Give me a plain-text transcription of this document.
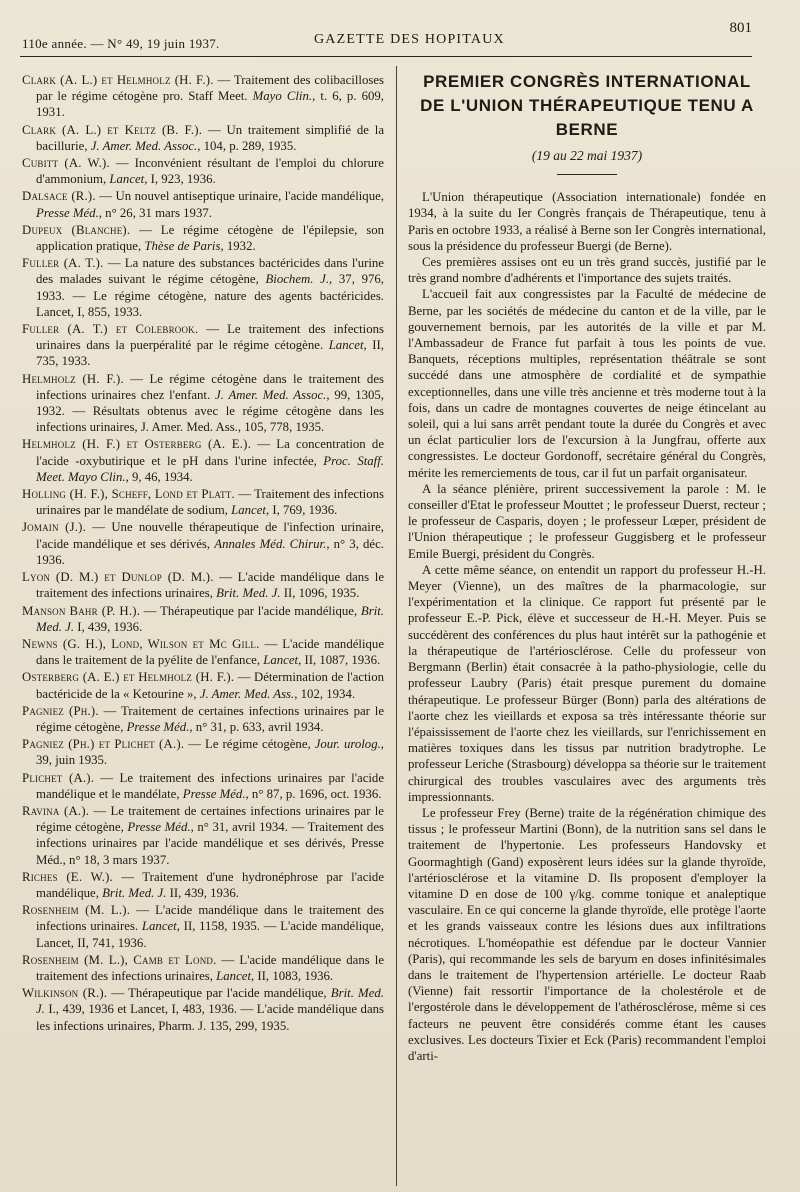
110e année. — N° 49, 19 juin 1937.	GAZETTE DES HOPITAUX
801

Clark (A. L.) et Helmholz (H. F.). — Traitement des colibacilloses par le régime cétogène pro. Staff Meet. Mayo Clin., t. 6, p. 609, 1931.

Clark (A. L.) et Keltz (B. F.). — Un traitement simplifié de la bacillurie, J. Amer. Med. Assoc., 104, p. 289, 1935.

Cubitt (A. W.). — Inconvénient résultant de l'emploi du chlorure d'ammonium, Lancet, I, 923, 1936.

Dalsace (R.). — Un nouvel antiseptique urinaire, l'acide mandélique, Presse Méd., n° 26, 31 mars 1937.

Dupeux (Blanche). — Le régime cétogène de l'épilepsie, son application pratique, Thèse de Paris, 1932.

Fuller (A. T.). — La nature des substances bactéricides dans l'urine des malades suivant le régime cétogène, Biochem. J., 37, 976, 1933. — Le régime cétogène, nature des agents bactéricides. Lancet, I, 855, 1933.

Fuller (A. T.) et Colebrook. — Le traitement des infections urinaires dans la puerpéralité par le régime cétogène. Lancet, II, 735, 1933.

Helmholz (H. F.). — Le régime cétogène dans le traitement des infections urinaires chez l'enfant. J. Amer. Med. Assoc., 99, 1305, 1932. — Résultats obtenus avec le régime cétogène dans les infections urinaires, J. Amer. Med. Ass., 105, 778, 1935.

Helmholz (H. F.) et Osterberg (A. E.). — La concentration de l'acide -oxybutirique et le pH dans l'urine infectée, Proc. Staff. Meet. Mayo Clin., 9, 46, 1934.

Holling (H. F.), Scheff, Lond et Platt. — Traitement des infections urinaires par le mandélate de sodium, Lancet, I, 769, 1936.

Jomain (J.). — Une nouvelle thérapeutique de l'infection urinaire, l'acide mandélique et ses dérivés, Annales Méd. Chirur., n° 3, déc. 1936.

Lyon (D. M.) et Dunlop (D. M.). — L'acide mandélique dans le traitement des infections urinaires, Brit. Med. J. II, 1096, 1935.

Manson Bahr (P. H.). — Thérapeutique par l'acide mandélique, Brit. Med. J. I, 439, 1936.

Newns (G. H.), Lond, Wilson et Mc Gill. — L'acide mandélique dans le traitement de la pyélite de l'enfance, Lancet, II, 1087, 1936.

Osterberg (A. E.) et Helmholz (H. F.). — Détermination de l'action bactéricide de la « Ketourine », J. Amer. Med. Ass., 102, 1934.

Pagniez (Ph.). — Traitement de certaines infections urinaires par le régime cétogène, Presse Méd., n° 31, p. 633, avril 1934.

Pagniez (Ph.) et Plichet (A.). — Le régime cétogène, Jour. urolog., 39, juin 1935.

Plichet (A.). — Le traitement des infections urinaires par l'acide mandélique et le mandélate, Presse Méd., n° 87, p. 1696, oct. 1936.

Ravina (A.). — Le traitement de certaines infections urinaires par le régime cétogène, Presse Méd., n° 31, avril 1934. — Traitement des infections urinaires par l'acide mandélique et ses dérivés, Presse Méd., n° 18, 3 mars 1937.

Riches (E. W.). — Traitement d'une hydronéphrose par l'acide mandélique, Brit. Med. J. II, 439, 1936.

Rosenheim (M. L.). — L'acide mandélique dans le traitement des infections urinaires. Lancet, II, 1158, 1935. — L'acide mandélique, Lancet, II, 741, 1936.

Rosenheim (M. L.), Camb et Lond. — L'acide mandélique dans le traitement des infections urinaires, Lancet, II, 1083, 1936.

Wilkinson (R.). — Thérapeutique par l'acide mandélique, Brit. Med. J. I., 439, 1936 et Lancet, I, 483, 1936. — L'acide mandélique dans les infections urinaires, Pharm. J. 135, 299, 1935.

PREMIER CONGRÈS INTERNATIONAL
DE L'UNION THÉRAPEUTIQUE TENU A BERNE
(19 au 22 mai 1937)

L'Union thérapeutique (Association internationale) fondée en 1934, à la suite du Ier Congrès français de Thérapeutique, tenu à Paris en octobre 1933, a réalisé à Berne son Ier Congrès international, sous la présidence du professeur Buergi (de Berne).

Ces premières assises ont eu un très grand succès, justifié par le très grand nombre d'adhérents et l'importance des sujets traités.

L'accueil fait aux congressistes par la Faculté de médecine de Berne, par les sociétés de médecine du canton et de la ville, par le gouvernement bernois, par les autorités de la ville et par M. l'Ambassadeur de France fut parfait à tous les points de vue. Banquets, réceptions multiples, représentation théâtrale se sont succédé dans une atmosphère de cordialité et de sympathie exceptionnelles, dans une ville très ancienne et très moderne tout à la fois, dans un cadre de montagnes couvertes de neige étincelant au soleil, qui a lui sans arrêt pendant toute la durée du Congrès et avec un éclat particulier lors de l'excursion à la Jungfrau, offerte aux congressistes. Le docteur Gordonoff, secrétaire général du Congrès, mérite les remerciements de tous, car il fut un parfait organisateur.

A la séance plénière, prirent successivement la parole : M. le conseiller d'Etat le professeur Mouttet ; le professeur Duerst, recteur ; le professeur de Casparis, doyen ; le professeur Lœper, président de l'Union thérapeutique ; le professeur Guggisberg et le professeur Emile Buergi, président du Congrès.

A cette même séance, on entendit un rapport du professeur H.-H. Meyer (Vienne), un des maîtres de la pharmacologie, sur l'expérimentation et la clinique. Ce rapport fut présenté par le professeur E.-P. Pick, élève et successeur de H.-H. Meyer. Puis se succédèrent des conférences du plus haut intérêt sur la pathogénie et la thérapeutique de l'artériosclérose. Celle du professeur von Bergmann (Berlin) était consacrée à la patho-physiologie, celle du professeur Laubry (Paris) était presque purement du domaine thérapeutique. Le professeur Bürger (Bonn) parla des altérations de l'aorte chez les vieillards et exposa sa très intéressante théorie sur l'épaississement de l'aorte chez les vieillards, sur l'enrichissement en matières toxiques dans les tissus par nutrition bradytrophe. Le professeur Leriche (Strasbourg) développa sa théorie sur le traitement chirurgical des troubles vasculaires avec des arguments très impressionnants.

Le professeur Frey (Berne) traite de la régénération chimique des tissus ; le professeur Martini (Bonn), de la nutrition sans sel dans le traitement de l'hypertonie. Les professeurs Handovsky et Goormaghtigh (Gand) exposèrent leurs idées sur la glande thyroïde, l'artériosclérose et la vitamine D. Ils proposent d'employer la vitamine D en dose de 100 γ/kg. comme tonique et analeptique vasculaire. En ce qui concerne la glande thyroïde, elle protège l'aorte et les grands vaisseaux contre les lésions dues aux infiltrations nécrotiques. L'homéopathie est défendue par le docteur Vannier (Paris), qui recommande les sels de baryum en doses infinitésimales dans le traitement de l'hypertension artérielle. Le docteur Raab (Vienne) fait ressortir l'importance de la cholestérole et de l'ergostérole dans le développement de l'athérosclérose, même si ces facteurs ne peuvent être considérés comme étant les causes exclusives. Les docteurs Tixier et Eck (Paris) recommandent l'emploi d'arti-
